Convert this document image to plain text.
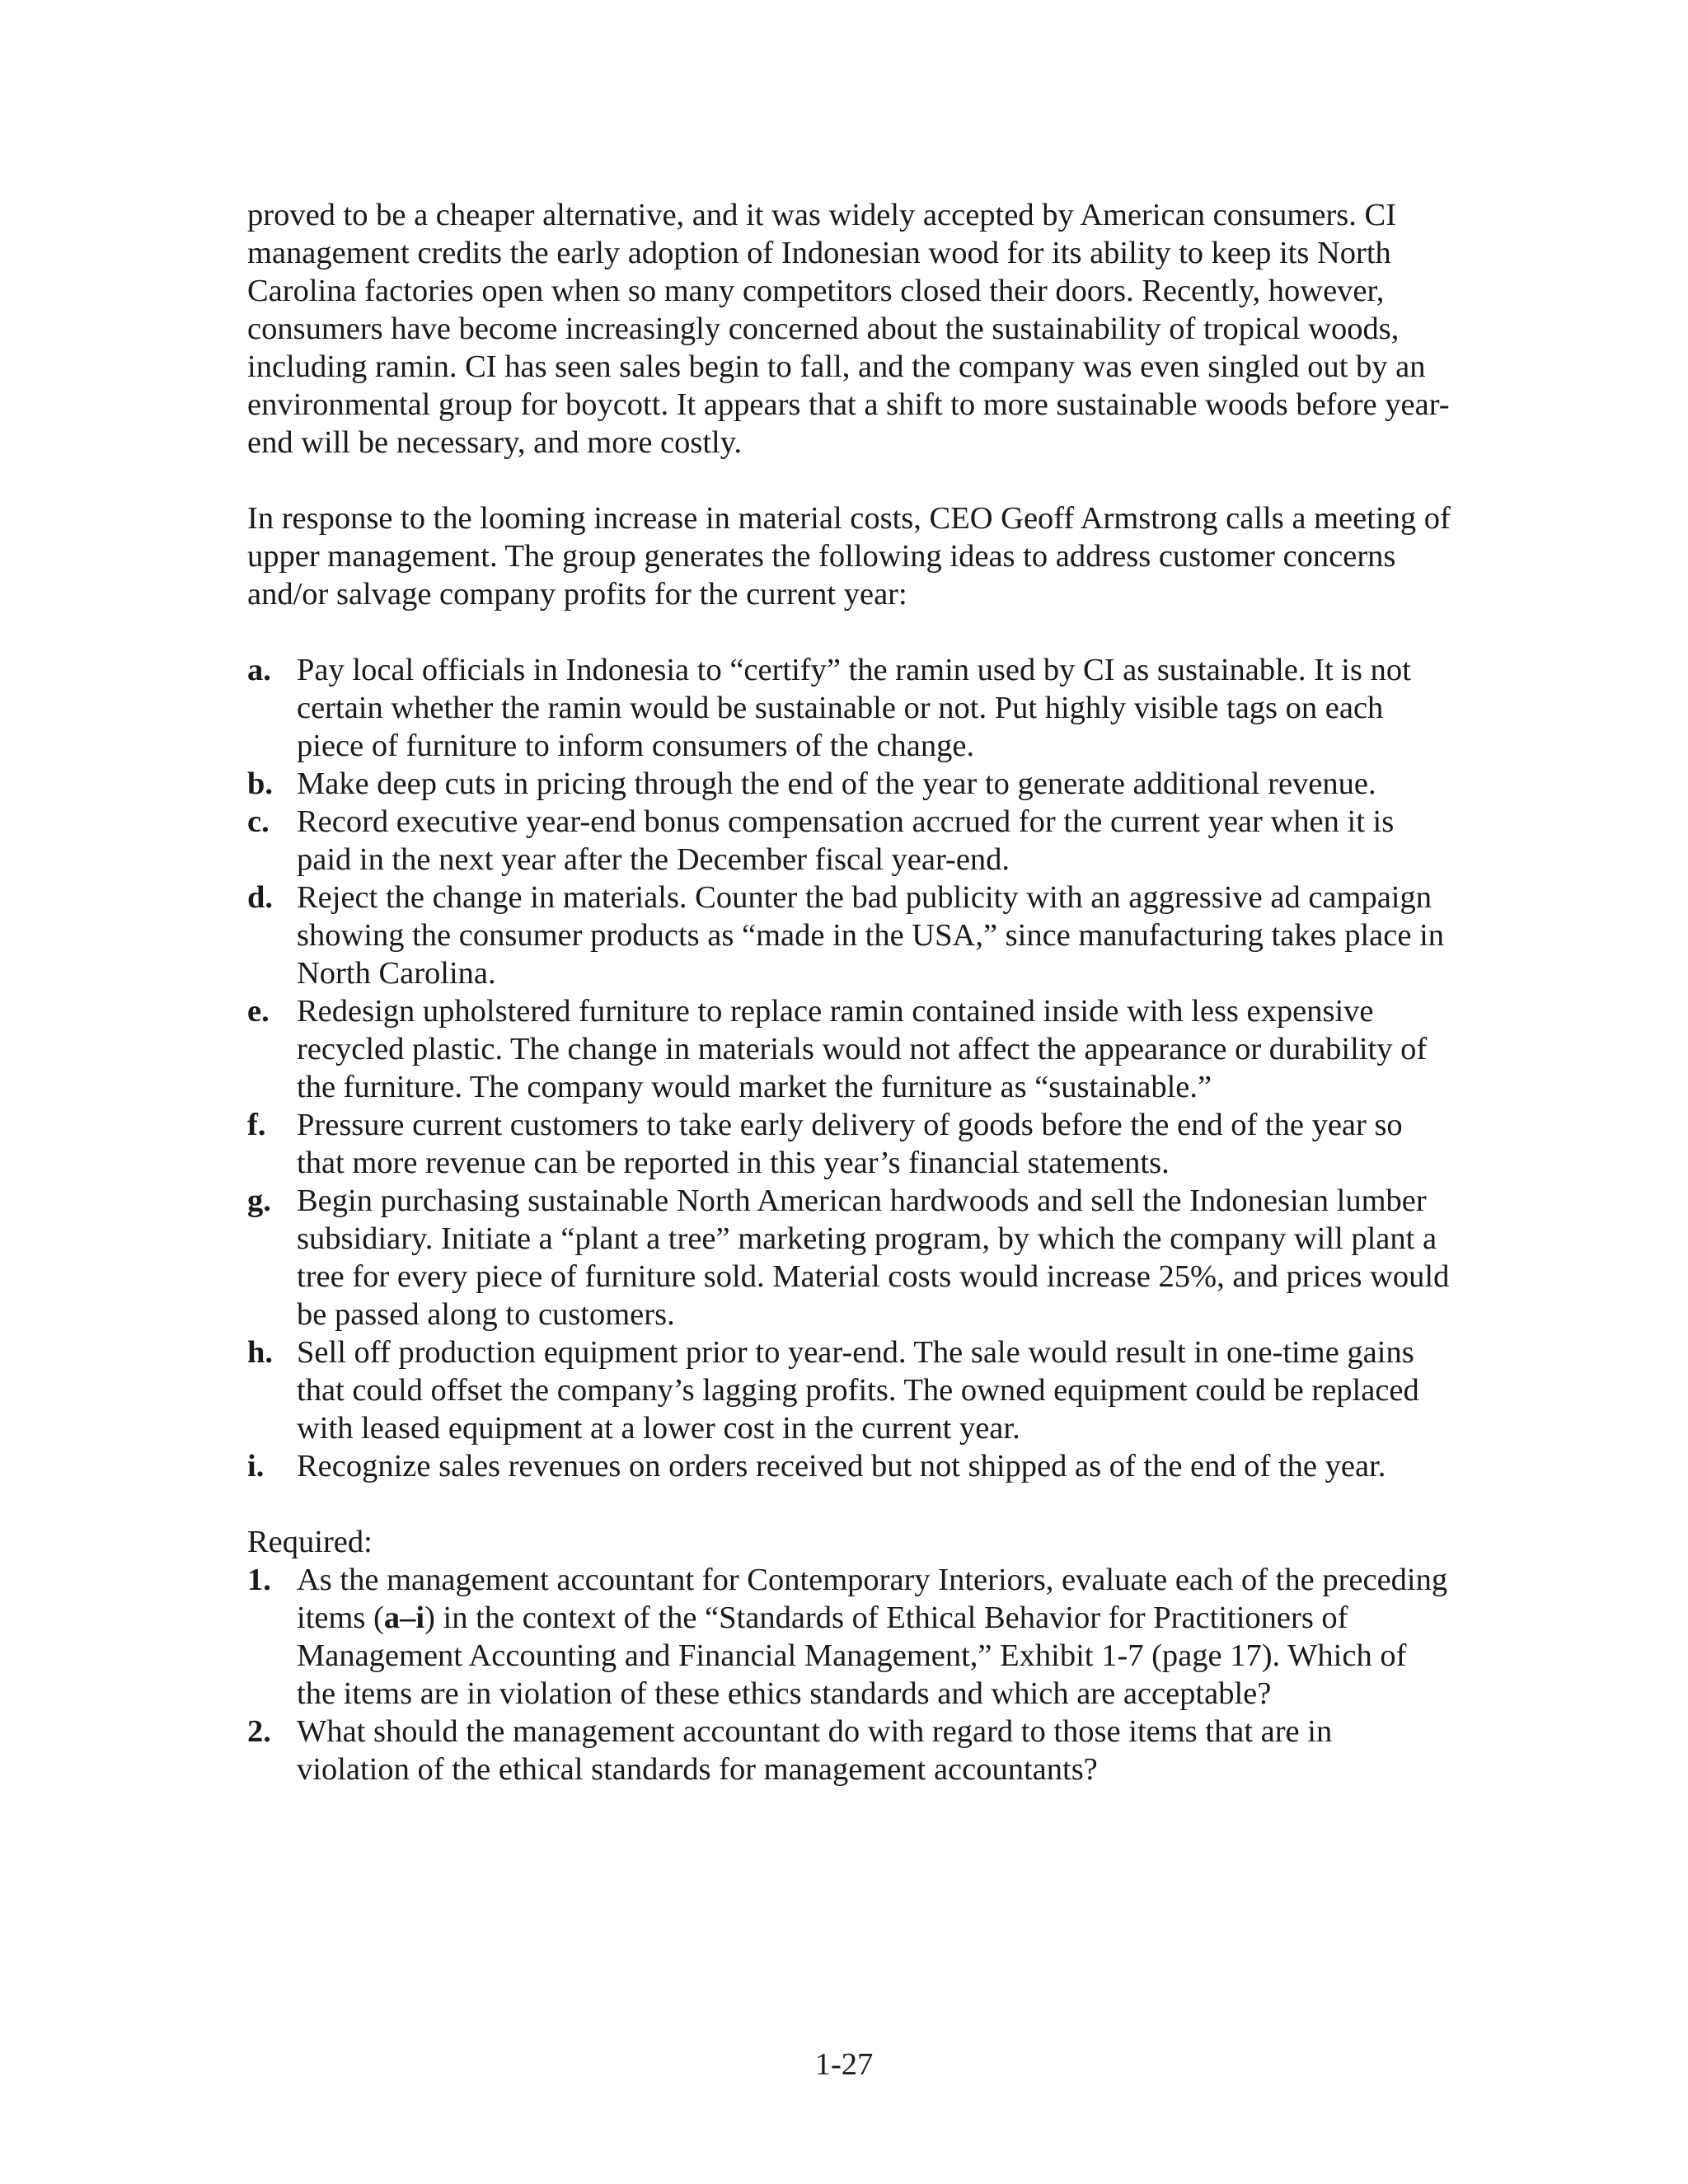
proved to be a cheaper alternative, and it was widely accepted by American consumers. CI management credits the early adoption of Indonesian wood for its ability to keep its North Carolina factories open when so many competitors closed their doors. Recently, however, consumers have become increasingly concerned about the sustainability of tropical woods, including ramin. CI has seen sales begin to fall, and the company was even singled out by an environmental group for boycott. It appears that a shift to more sustainable woods before year-end will be necessary, and more costly.

In response to the looming increase in material costs, CEO Geoff Armstrong calls a meeting of upper management. The group generates the following ideas to address customer concerns and/or salvage company profits for the current year:

a. Pay local officials in Indonesia to “certify” the ramin used by CI as sustainable. It is not certain whether the ramin would be sustainable or not. Put highly visible tags on each piece of furniture to inform consumers of the change.
b. Make deep cuts in pricing through the end of the year to generate additional revenue.
c. Record executive year-end bonus compensation accrued for the current year when it is paid in the next year after the December fiscal year-end.
d. Reject the change in materials. Counter the bad publicity with an aggressive ad campaign showing the consumer products as “made in the USA,” since manufacturing takes place in North Carolina.
e. Redesign upholstered furniture to replace ramin contained inside with less expensive recycled plastic. The change in materials would not affect the appearance or durability of the furniture. The company would market the furniture as “sustainable.”
f. Pressure current customers to take early delivery of goods before the end of the year so that more revenue can be reported in this year’s financial statements.
g. Begin purchasing sustainable North American hardwoods and sell the Indonesian lumber subsidiary. Initiate a “plant a tree” marketing program, by which the company will plant a tree for every piece of furniture sold. Material costs would increase 25%, and prices would be passed along to customers.
h. Sell off production equipment prior to year-end. The sale would result in one-time gains that could offset the company’s lagging profits. The owned equipment could be replaced with leased equipment at a lower cost in the current year.
i.	Recognize sales revenues on orders received but not shipped as of the end of the year.

Required:

1. As the management accountant for Contemporary Interiors, evaluate each of the preceding items (a–i) in the context of the “Standards of Ethical Behavior for Practitioners of Management Accounting and Financial Management,” Exhibit 1-7 (page 17). Which of the items are in violation of these ethics standards and which are acceptable?
2. What should the management accountant do with regard to those items that are in violation of the ethical standards for management accountants?
1-27
